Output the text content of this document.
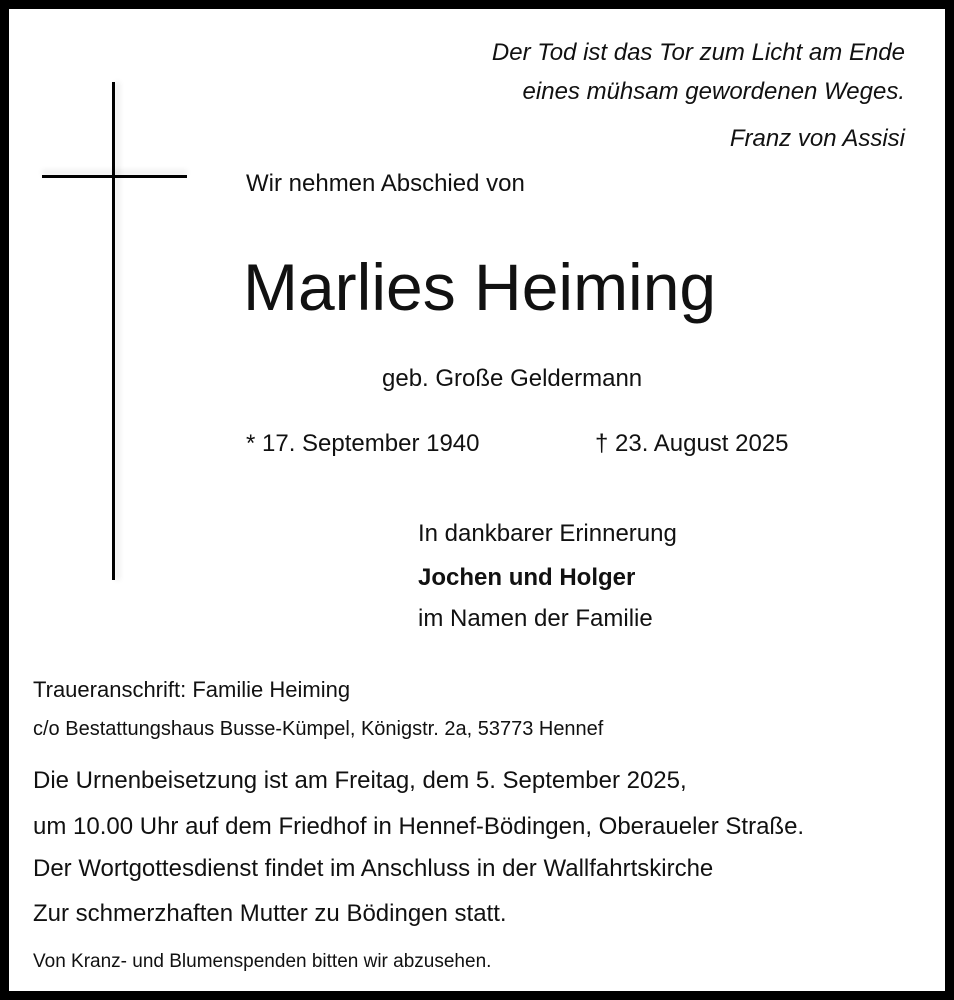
Der Tod ist das Tor zum Licht am Ende
eines mühsam gewordenen Weges.
Franz von Assisi
Wir nehmen Abschied von
Marlies Heiming
geb. Große Geldermann
* 17. September 1940	† 23. August 2025
In dankbarer Erinnerung
Jochen und Holger
im Namen der Familie
Traueranschrift: Familie Heiming
c/o Bestattungshaus Busse-Kümpel, Königstr. 2a, 53773 Hennef
Die Urnenbeisetzung ist am Freitag, dem 5. September 2025,
um 10.00 Uhr auf dem Friedhof in Hennef-Bödingen, Oberaueler Straße.
Der Wortgottesdienst findet im Anschluss in der Wallfahrtskirche
Zur schmerzhaften Mutter zu Bödingen statt.
Von Kranz- und Blumenspenden bitten wir abzusehen.
